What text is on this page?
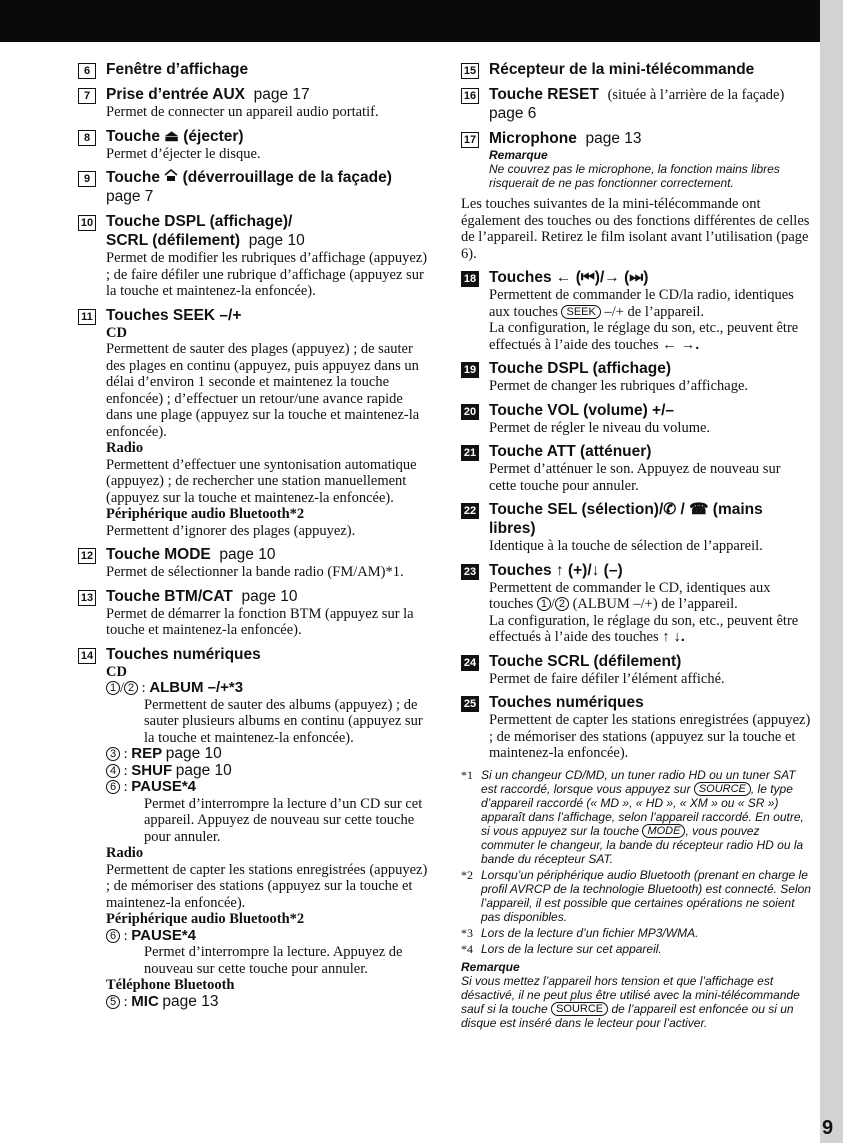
9
6	Fenêtre d’affichage
7	Prise d’entrée AUX page 17
Permet de connecter un appareil audio portatif.
8	Touche ⏏ (éjecter)
Permet d’éjecter le disque.
9	Touche (déverrouillage de la façade)  page 7
10 Touche DSPL (affichage)/
SCRL (défilement) page 10
Permet de modifier les rubriques d’affichage (appuyez) ; de faire défiler une rubrique d’affichage (appuyez sur la touche et maintenez-la enfoncée).
11 Touches SEEK –/+
CD
Permettent de sauter des plages (appuyez) ; de sauter des plages en continu (appuyez, puis appuyez dans un délai d’environ 1 seconde et maintenez la touche enfoncée) ; d’effectuer un retour/une avance rapide dans une plage (appuyez sur la touche et maintenez-la enfoncée).
Radio
Permettent d’effectuer une syntonisation automatique (appuyez) ; de rechercher une station manuellement (appuyez sur la touche et maintenez-la enfoncée).
Périphérique audio Bluetooth*2
Permettent d’ignorer des plages (appuyez).
12 Touche MODE page 10
Permet de sélectionner la bande radio (FM/AM)*1.
13 Touche BTM/CAT page 10
Permet de démarrer la fonction BTM (appuyez sur la touche et maintenez-la enfoncée).
14 Touches numériques
CD
1 / 2 : ALBUM –/+*3
Permettent de sauter des albums (appuyez) ; de sauter plusieurs albums en continu (appuyez sur la touche et maintenez-la enfoncée).
3 : REP page 10
4 : SHUF page 10
6 : PAUSE*4
Permet d’interrompre la lecture d’un CD sur cet appareil. Appuyez de nouveau sur cette touche pour annuler.
Radio
Permettent de capter les stations enregistrées (appuyez) ; de mémoriser des stations (appuyez sur la touche et maintenez-la enfoncée).
Périphérique audio Bluetooth*2
6 : PAUSE*4
Permet d’interrompre la lecture. Appuyez de nouveau sur cette touche pour annuler.
Téléphone Bluetooth
5 : MIC page 13
15 Récepteur de la mini-télécommande
16 Touche RESET (située à l’arrière de la façade)  page 6
17 Microphone page 13
Remarque
Ne couvrez pas le microphone, la fonction mains libres risquerait de ne pas fonctionner correctement.
Les touches suivantes de la mini-télécommande ont également des touches ou des fonctions différentes de celles de l’appareil. Retirez le film isolant avant l’utilisation (page 6).
18 Touches ← (⏮)/→ (⏭)
Permettent de commander le CD/la radio, identiques aux touches SEEK –/+ de l’appareil.
La configuration, le réglage du son, etc., peuvent être effectués à l’aide des touches ← →.
19 Touche DSPL (affichage)
Permet de changer les rubriques d’affichage.
20 Touche VOL (volume) +/–
Permet de régler le niveau du volume.
21 Touche ATT (atténuer)
Permet d’atténuer le son. Appuyez de nouveau sur cette touche pour annuler.
22 Touche SEL (sélection)/✆ / ☎ (mains libres)
Identique à la touche de sélection de l’appareil.
23 Touches ↑ (+)/↓ (–)
Permettent de commander le CD, identiques aux touches 1 / 2 (ALBUM –/+) de l’appareil.
La configuration, le réglage du son, etc., peuvent être effectués à l’aide des touches ↑ ↓.
24 Touche SCRL (défilement)
Permet de faire défiler l’élément affiché.
25 Touches numériques
Permettent de capter les stations enregistrées (appuyez) ; de mémoriser des stations (appuyez sur la touche et maintenez-la enfoncée).
*1 Si un changeur CD/MD, un tuner radio HD ou un tuner SAT est raccordé, lorsque vous appuyez sur SOURCE , le type d’appareil raccordé (« MD », « HD », « XM » ou « SR ») apparaît dans l’affichage, selon l’appareil raccordé. En outre, si vous appuyez sur la touche MODE , vous pouvez commuter le changeur, la bande du récepteur radio HD ou la bande du récepteur SAT.
*2 Lorsqu’un périphérique audio Bluetooth (prenant en charge le profil AVRCP de la technologie Bluetooth) est connecté. Selon l’appareil, il est possible que certaines opérations ne soient pas disponibles.
*3 Lors de la lecture d’un fichier MP3/WMA.
*4 Lors de la lecture sur cet appareil.
Remarque
Si vous mettez l’appareil hors tension et que l’affichage est désactivé, il ne peut plus être utilisé avec la mini-télécommande sauf si la touche SOURCE de l’appareil est enfoncée ou si un disque est inséré dans le lecteur pour l’activer.
